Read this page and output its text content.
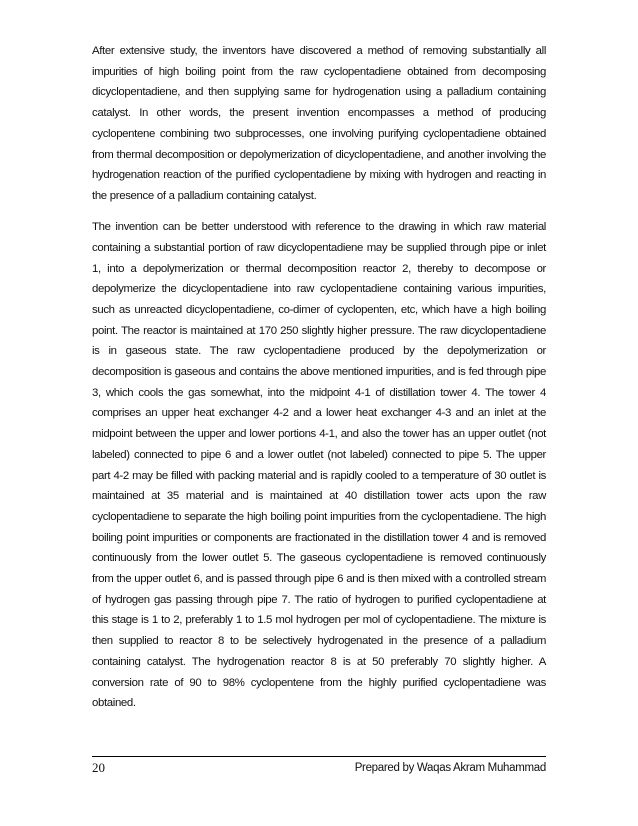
After extensive study, the inventors have discovered a method of removing substantially all impurities of high boiling point from the raw cyclopentadiene obtained from decomposing dicyclopentadiene, and then supplying same for hydrogenation using a palladium containing catalyst. In other words, the present invention encompasses a method of producing cyclopentene combining two subprocesses, one involving purifying cyclopentadiene obtained from thermal decomposition or depolymerization of dicyclopentadiene, and another involving the hydrogenation reaction of the purified cyclopentadiene by mixing with hydrogen and reacting in the presence of a palladium containing catalyst.

The invention can be better understood with reference to the drawing in which raw material containing a substantial portion of raw dicyclopentadiene may be supplied through pipe or inlet 1, into a depolymerization or thermal decomposition reactor 2, thereby to decompose or depolymerize the dicyclopentadiene into raw cyclopentadiene containing various impurities, such as unreacted dicyclopentadiene, co-dimer of cyclopenten, etc, which have a high boiling point. The reactor is maintained at 170 250 slightly higher pressure. The raw dicyclopentadiene is in gaseous state. The raw cyclopentadiene produced by the depolymerization or decomposition is gaseous and contains the above mentioned impurities, and is fed through pipe 3, which cools the gas somewhat, into the midpoint 4-1 of distillation tower 4. The tower 4 comprises an upper heat exchanger 4-2 and a lower heat exchanger 4-3 and an inlet at the midpoint between the upper and lower portions 4-1, and also the tower has an upper outlet (not labeled) connected to pipe 6 and a lower outlet (not labeled) connected to pipe 5. The upper part 4-2 may be filled with packing material and is rapidly cooled to a temperature of 30 outlet is maintained at 35 material and is maintained at 40 distillation tower acts upon the raw cyclopentadiene to separate the high boiling point impurities from the cyclopentadiene. The high boiling point impurities or components are fractionated in the distillation tower 4 and is removed continuously from the lower outlet 5. The gaseous cyclopentadiene is removed continuously from the upper outlet 6, and is passed through pipe 6 and is then mixed with a controlled stream of hydrogen gas passing through pipe 7. The ratio of hydrogen to purified cyclopentadiene at this stage is 1 to 2, preferably 1 to 1.5 mol hydrogen per mol of cyclopentadiene. The mixture is then supplied to reactor 8 to be selectively hydrogenated in the presence of a palladium containing catalyst. The hydrogenation reactor 8 is at 50 preferably 70 slightly higher. A conversion rate of 90 to 98% cyclopentene from the highly purified cyclopentadiene was obtained.

20	Prepared by Waqas Akram Muhammad
